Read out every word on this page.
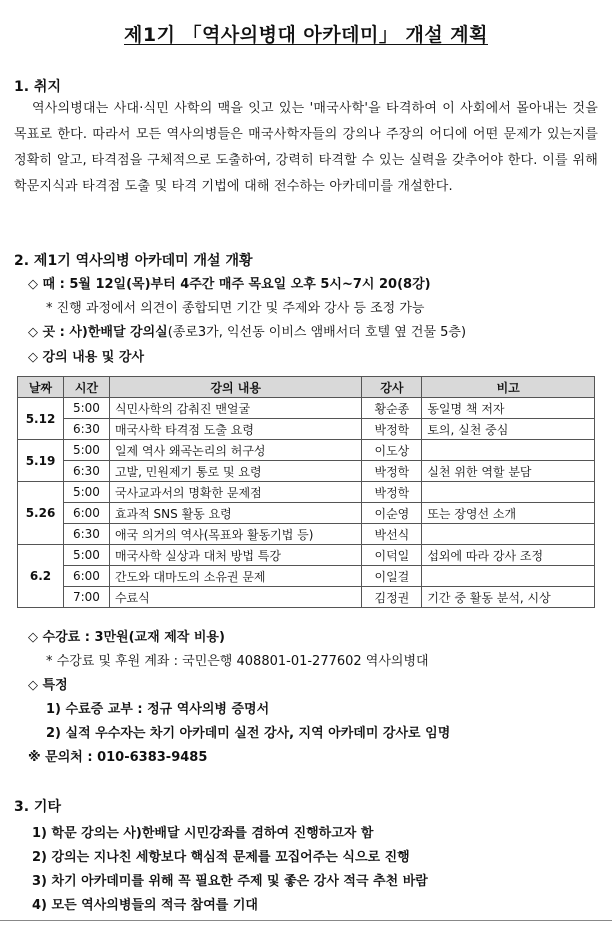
제1기 「역사의병대 아카데미」 개설 계획
1. 취지
역사의병대는 사대·식민 사학의 맥을 잇고 있는 '매국사학'을 타격하여 이 사회에서 몰아내는 것을 목표로 한다. 따라서 모든 역사의병들은 매국사학자들의 강의나 주장의 어디에 어떤 문제가 있는지를 정확히 알고, 타격점을 구체적으로 도출하여, 강력히 타격할 수 있는 실력을 갖추어야 한다. 이를 위해 학문지식과 타격점 도출 및 타격 기법에 대해 전수하는 아카데미를 개설한다.
2. 제1기 역사의병 아카데미 개설 개황
◇ 때 : 5월 12일(목)부터 4주간 매주 목요일 오후 5시~7시 20(8강)
* 진행 과정에서 의견이 종합되면 기간 및 주제와 강사 등 조정 가능
◇ 곳 : 사)한배달 강의실(종로3가, 익선동 이비스 앰배서더 호텔 옆 건물 5층)
◇ 강의 내용 및 강사
날짜	시간	강의 내용	강사	비고
5.12	5:00	식민사학의 감춰진 맨얼굴	황순종	동일명 책 저자
	6:30	매국사학 타격점 도출 요령	박정학	토의, 실천 중심
5.19	5:00	일제 역사 왜곡논리의 허구성	이도상	
	6:30	고발, 민원제기 통로 및 요령	박정학	실천 위한 역할 분담
5.26	5:00	국사교과서의 명확한 문제점	박정학	
	6:00	효과적 SNS 활동 요령	이순영	또는 장영선 소개
	6:30	애국 의거의 역사(목표와 활동기법 등)	박선식	
6.2	5:00	매국사학 실상과 대처 방법 특강	이덕일	섭외에 따라 강사 조정
	6:00	간도와 대마도의 소유권 문제	이일걸	
	7:00	수료식	김정권	기간 중 활동 분석, 시상
◇ 수강료 : 3만원(교재 제작 비용)
* 수강료 및 후원 계좌 : 국민은행 408801-01-277602 역사의병대
◇ 특정
1) 수료증 교부 : 정규 역사의병 증명서
2) 실적 우수자는 차기 아카데미 실전 강사, 지역 아카데미 강사로 임명
※ 문의처 : 010-6383-9485
3. 기타
1) 학문 강의는 사)한배달 시민강좌를 겸하여 진행하고자 함
2) 강의는 지나친 세항보다 핵심적 문제를 꼬집어주는 식으로 진행
3) 차기 아카데미를 위해 꼭 필요한 주제 및 좋은 강사 적극 추천 바람
4) 모든 역사의병들의 적극 참여를 기대
